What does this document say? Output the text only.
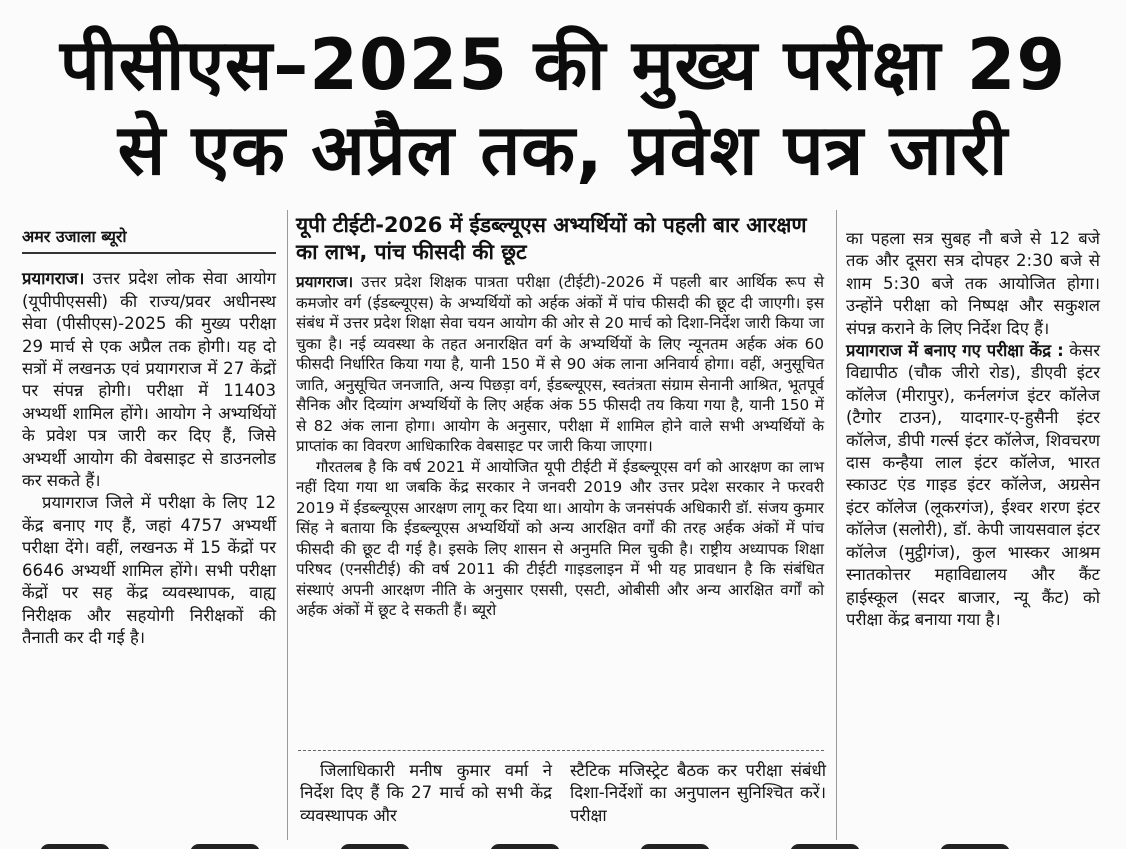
पीसीएस–2025 की मुख्य परीक्षा 29
से एक अप्रैल तक, प्रवेश पत्र जारी
अमर उजाला ब्यूरो

प्रयागराज। उत्तर प्रदेश लोक सेवा आयोग (यूपीपीएससी) की राज्य/प्रवर अधीनस्थ सेवा (पीसीएस)-2025 की मुख्य परीक्षा 29 मार्च से एक अप्रैल तक होगी। यह दो सत्रों में लखनऊ एवं प्रयागराज में 27 केंद्रों पर संपन्न होगी। परीक्षा में 11403 अभ्यर्थी शामिल होंगे। आयोग ने अभ्यर्थियों के प्रवेश पत्र जारी कर दिए हैं, जिसे अभ्यर्थी आयोग की वेबसाइट से डाउनलोड कर सकते हैं।

प्रयागराज जिले में परीक्षा के लिए 12 केंद्र बनाए गए हैं, जहां 4757 अभ्यर्थी परीक्षा देंगे। वहीं, लखनऊ में 15 केंद्रों पर 6646 अभ्यर्थी शामिल होंगे। सभी परीक्षा केंद्रों पर सह केंद्र व्यवस्थापक, वाह्य निरीक्षक और सहयोगी निरीक्षकों की तैनाती कर दी गई है।

यूपी टीईटी-2026 में ईडब्ल्यूएस अभ्यर्थियों को पहली बार आरक्षण का लाभ, पांच फीसदी की छूट

प्रयागराज। उत्तर प्रदेश शिक्षक पात्रता परीक्षा (टीईटी)-2026 में पहली बार आर्थिक रूप से कमजोर वर्ग (ईडब्ल्यूएस) के अभ्यर्थियों को अर्हक अंकों में पांच फीसदी की छूट दी जाएगी। इस संबंध में उत्तर प्रदेश शिक्षा सेवा चयन आयोग की ओर से 20 मार्च को दिशा-निर्देश जारी किया जा चुका है। नई व्यवस्था के तहत अनारक्षित वर्ग के अभ्यर्थियों के लिए न्यूनतम अर्हक अंक 60 फीसदी निर्धारित किया गया है, यानी 150 में से 90 अंक लाना अनिवार्य होगा। वहीं, अनुसूचित जाति, अनुसूचित जनजाति, अन्य पिछड़ा वर्ग, ईडब्ल्यूएस, स्वतंत्रता संग्राम सेनानी आश्रित, भूतपूर्व सैनिक और दिव्यांग अभ्यर्थियों के लिए अर्हक अंक 55 फीसदी तय किया गया है, यानी 150 में से 82 अंक लाना होगा। आयोग के अनुसार, परीक्षा में शामिल होने वाले सभी अभ्यर्थियों के प्राप्तांक का विवरण आधिकारिक वेबसाइट पर जारी किया जाएगा।

गौरतलब है कि वर्ष 2021 में आयोजित यूपी टीईटी में ईडब्ल्यूएस वर्ग को आरक्षण का लाभ नहीं दिया गया था जबकि केंद्र सरकार ने जनवरी 2019 और उत्तर प्रदेश सरकार ने फरवरी 2019 में ईडब्ल्यूएस आरक्षण लागू कर दिया था। आयोग के जनसंपर्क अधिकारी डॉ. संजय कुमार सिंह ने बताया कि ईडब्ल्यूएस अभ्यर्थियों को अन्य आरक्षित वर्गों की तरह अर्हक अंकों में पांच फीसदी की छूट दी गई है। इसके लिए शासन से अनुमति मिल चुकी है। राष्ट्रीय अध्यापक शिक्षा परिषद (एनसीटीई) की वर्ष 2011 की टीईटी गाइडलाइन में भी यह प्रावधान है कि संबंधित संस्थाएं अपनी आरक्षण नीति के अनुसार एससी, एसटी, ओबीसी और अन्य आरक्षित वर्गों को अर्हक अंकों में छूट दे सकती हैं। ब्यूरो

जिलाधिकारी मनीष कुमार वर्मा ने निर्देश दिए हैं कि 27 मार्च को सभी केंद्र व्यवस्थापक और

स्टैटिक मजिस्ट्रेट बैठक कर परीक्षा संबंधी दिशा-निर्देशों का अनुपालन सुनिश्चित करें। परीक्षा

का पहला सत्र सुबह नौ बजे से 12 बजे तक और दूसरा सत्र दोपहर 2:30 बजे से शाम 5:30 बजे तक आयोजित होगा। उन्होंने परीक्षा को निष्पक्ष और सकुशल संपन्न कराने के लिए निर्देश दिए हैं।

प्रयागराज में बनाए गए परीक्षा केंद्र : केसर विद्यापीठ (चौक जीरो रोड), डीएवी इंटर कॉलेज (मीरापुर), कर्नलगंज इंटर कॉलेज (टैगोर टाउन), यादगार-ए-हुसैनी इंटर कॉलेज, डीपी गर्ल्स इंटर कॉलेज, शिवचरण दास कन्हैया लाल इंटर कॉलेज, भारत स्काउट एंड गाइड इंटर कॉलेज, अग्रसेन इंटर कॉलेज (लूकरगंज), ईश्वर शरण इंटर कॉलेज (सलोरी), डॉ. केपी जायसवाल इंटर कॉलेज (मुट्ठीगंज), कुल भास्कर आश्रम स्नातकोत्तर महाविद्यालय और कैंट हाईस्कूल (सदर बाजार, न्यू कैंट) को परीक्षा केंद्र बनाया गया है।
